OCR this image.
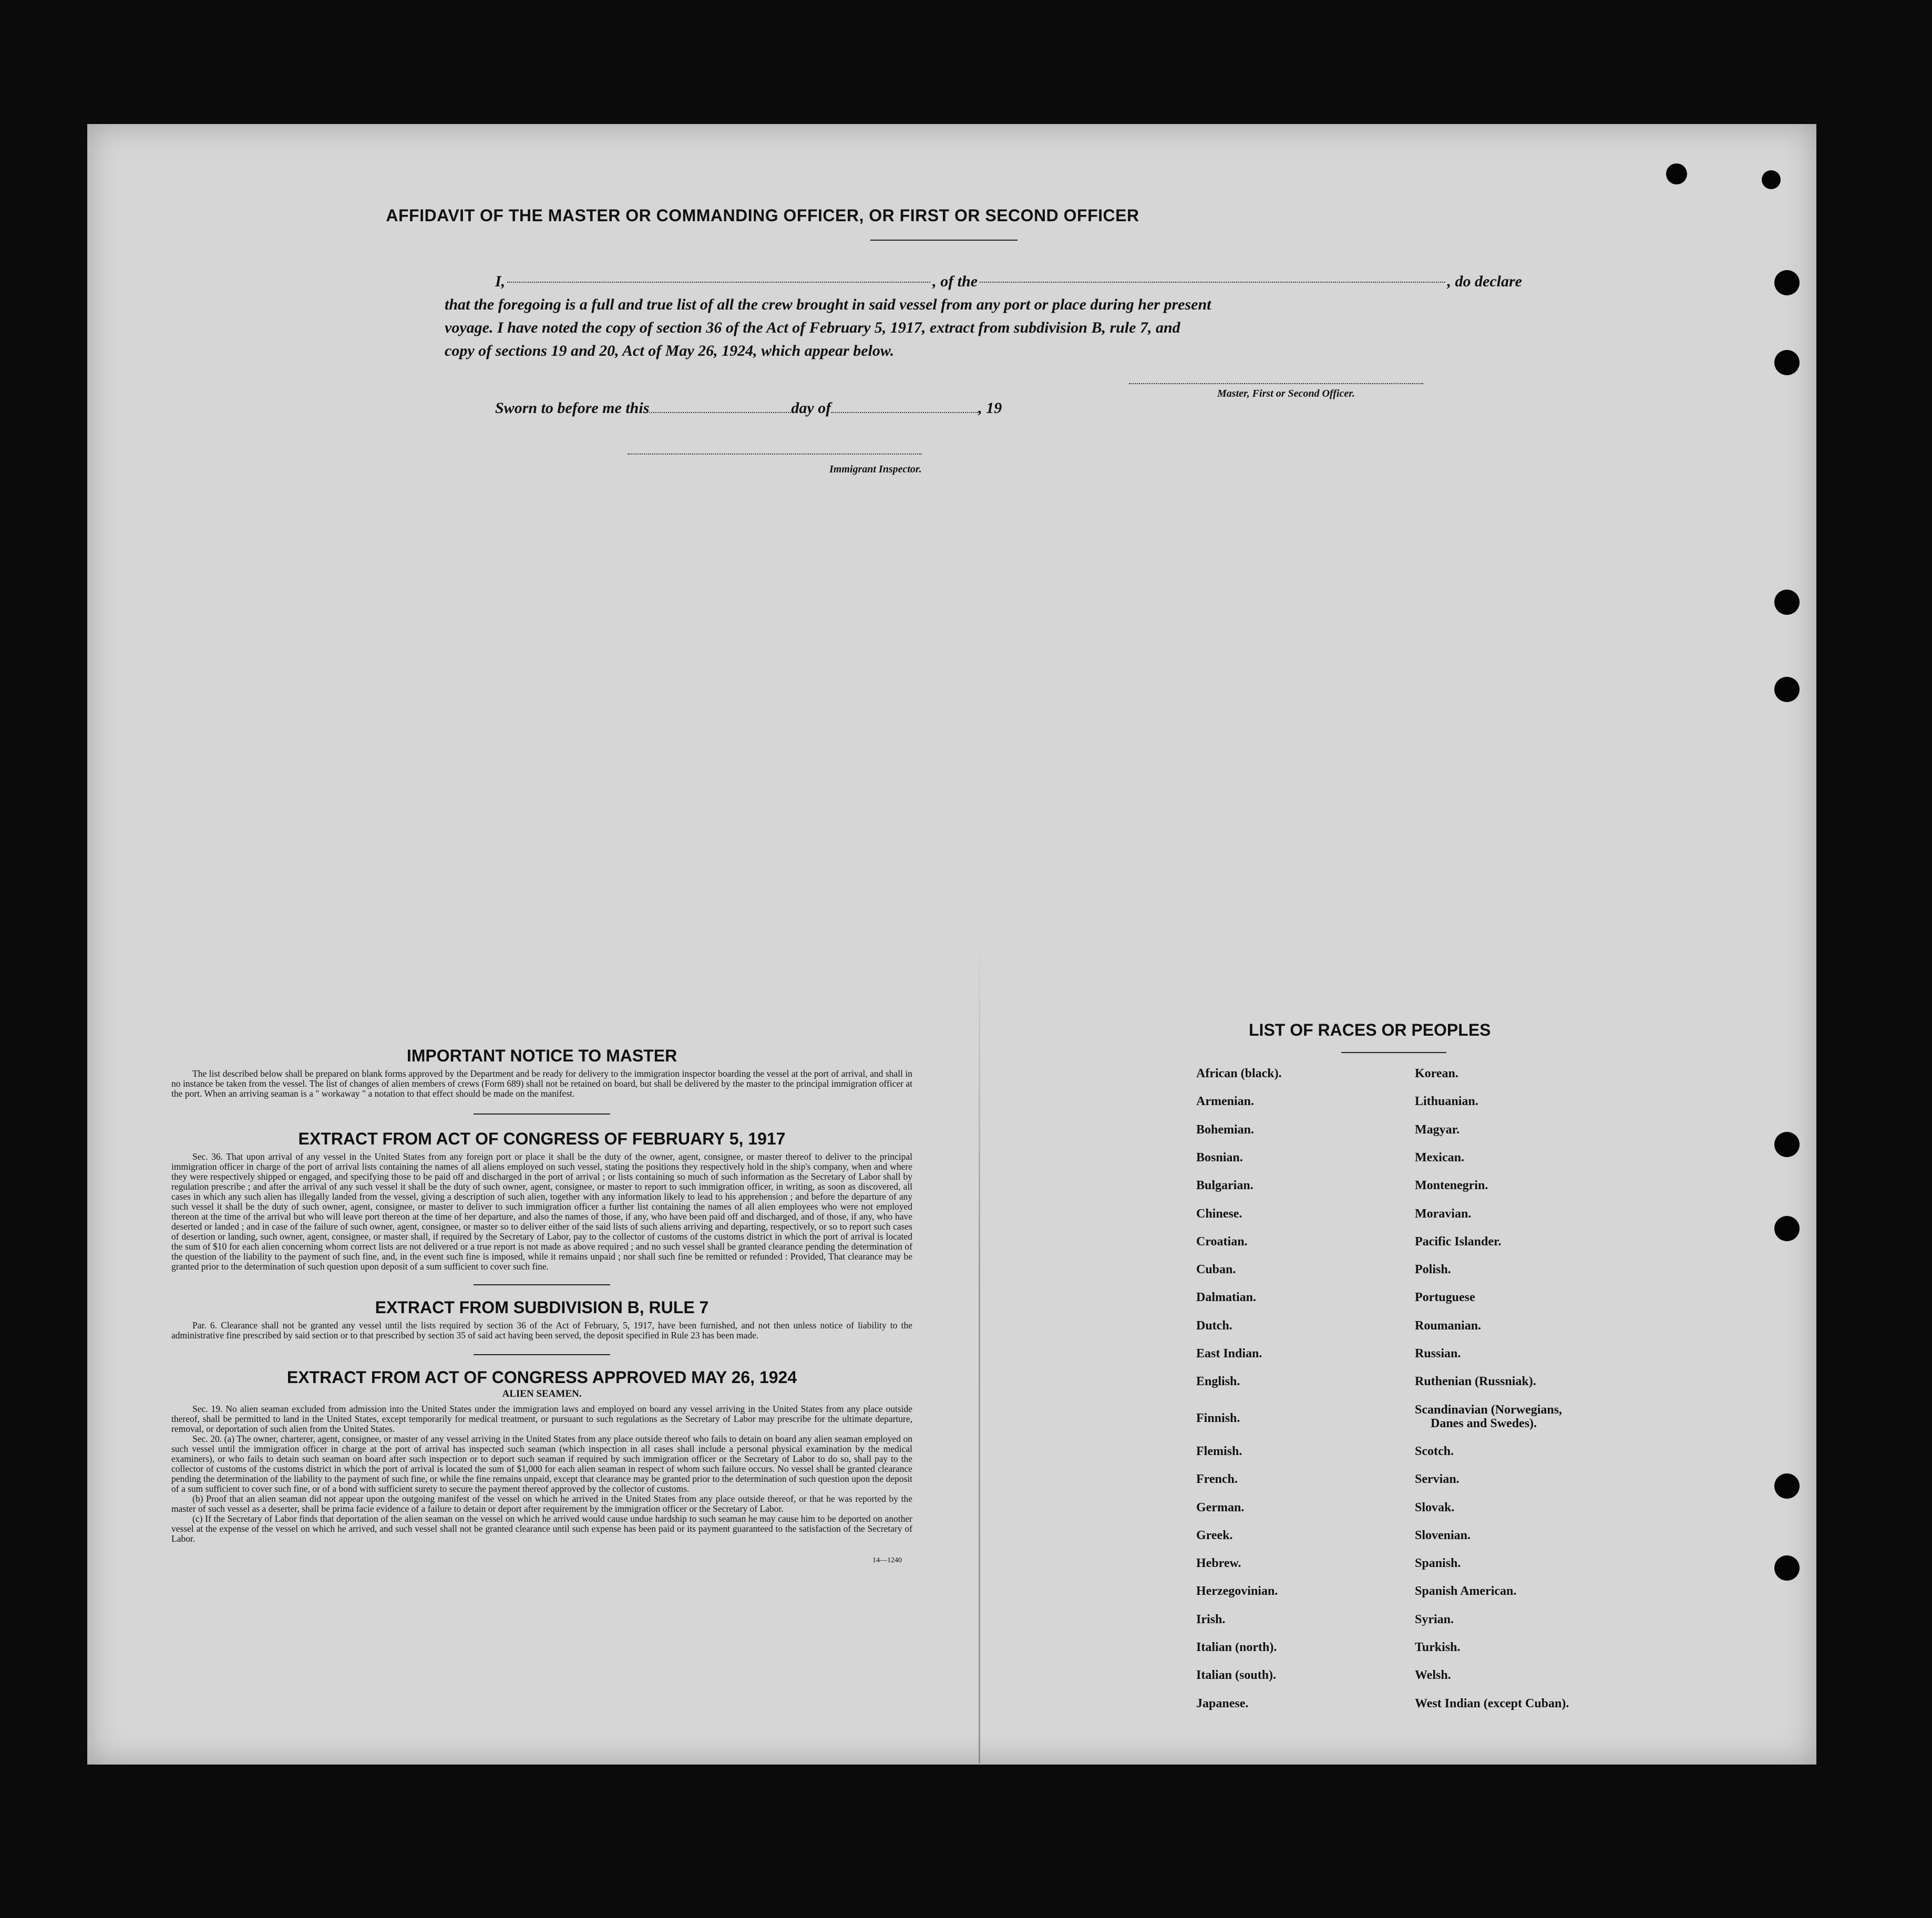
AFFIDAVIT OF THE MASTER OR COMMANDING OFFICER, OR FIRST OR SECOND OFFICER
I,	, of the	, do declare
that the foregoing is a full and true list of all the crew brought in said vessel from any port or place during her present
voyage. I have noted the copy of section 36 of the Act of February 5, 1917, extract from subdivision B, rule 7, and
copy of sections 19 and 20, Act of May 26, 1924, which appear below.
Master, First or Second Officer.
Sworn to before me this	day of	, 19
Immigrant Inspector.
IMPORTANT NOTICE TO MASTER

The list described below shall be prepared on blank forms approved by the Department and be ready for delivery to the immigration inspector boarding the vessel at the port of arrival, and shall in no instance be taken from the vessel. The list of changes of alien members of crews (Form 689) shall not be retained on board, but shall be delivered by the master to the principal immigration officer at the port. When an arriving seaman is a " workaway " a notation to that effect should be made on the manifest.

EXTRACT FROM ACT OF CONGRESS OF FEBRUARY 5, 1917

Sec. 36. That upon arrival of any vessel in the United States from any foreign port or place it shall be the duty of the owner, agent, consignee, or master thereof to deliver to the principal immigration officer in charge of the port of arrival lists containing the names of all aliens employed on such vessel, stating the positions they respectively hold in the ship's company, when and where they were respectively shipped or engaged, and specifying those to be paid off and discharged in the port of arrival ; or lists containing so much of such information as the Secretary of Labor shall by regulation prescribe ; and after the arrival of any such vessel it shall be the duty of such owner, agent, consignee, or master to report to such immigration officer, in writing, as soon as discovered, all cases in which any such alien has illegally landed from the vessel, giving a description of such alien, together with any information likely to lead to his apprehension ; and before the departure of any such vessel it shall be the duty of such owner, agent, consignee, or master to deliver to such immigration officer a further list containing the names of all alien employees who were not employed thereon at the time of the arrival but who will leave port thereon at the time of her departure, and also the names of those, if any, who have been paid off and discharged, and of those, if any, who have deserted or landed ; and in case of the failure of such owner, agent, consignee, or master so to deliver either of the said lists of such aliens arriving and departing, respectively, or so to report such cases of desertion or landing, such owner, agent, consignee, or master shall, if required by the Secretary of Labor, pay to the collector of customs of the customs district in which the port of arrival is located the sum of $10 for each alien concerning whom correct lists are not delivered or a true report is not made as above required ; and no such vessel shall be granted clearance pending the determination of the question of the liability to the payment of such fine, and, in the event such fine is imposed, while it remains unpaid ; nor shall such fine be remitted or refunded : Provided, That clearance may be granted prior to the determination of such question upon deposit of a sum sufficient to cover such fine.

EXTRACT FROM SUBDIVISION B, RULE 7

Par. 6. Clearance shall not be granted any vessel until the lists required by section 36 of the Act of February, 5, 1917, have been furnished, and not then unless notice of liability to the administrative fine prescribed by said section or to that prescribed by section 35 of said act having been served, the deposit specified in Rule 23 has been made.

EXTRACT FROM ACT OF CONGRESS APPROVED MAY 26, 1924
ALIEN SEAMEN.

Sec. 19. No alien seaman excluded from admission into the United States under the immigration laws and employed on board any vessel arriving in the United States from any place outside thereof, shall be permitted to land in the United States, except temporarily for medical treatment, or pursuant to such regulations as the Secretary of Labor may prescribe for the ultimate departure, removal, or deportation of such alien from the United States.

Sec. 20. (a) The owner, charterer, agent, consignee, or master of any vessel arriving in the United States from any place outside thereof who fails to detain on board any alien seaman employed on such vessel until the immigration officer in charge at the port of arrival has inspected such seaman (which inspection in all cases shall include a personal physical examination by the medical examiners), or who fails to detain such seaman on board after such inspection or to deport such seaman if required by such immigration officer or the Secretary of Labor to do so, shall pay to the collector of customs of the customs district in which the port of arrival is located the sum of $1,000 for each alien seaman in respect of whom such failure occurs. No vessel shall be granted clearance pending the determination of the liability to the payment of such fine, or while the fine remains unpaid, except that clearance may be granted prior to the determination of such question upon the deposit of a sum sufficient to cover such fine, or of a bond with sufficient surety to secure the payment thereof approved by the collector of customs.

(b) Proof that an alien seaman did not appear upon the outgoing manifest of the vessel on which he arrived in the United States from any place outside thereof, or that he was reported by the master of such vessel as a deserter, shall be prima facie evidence of a failure to detain or deport after requirement by the immigration officer or the Secretary of Labor.

(c) If the Secretary of Labor finds that deportation of the alien seaman on the vessel on which he arrived would cause undue hardship to such seaman he may cause him to be deported on another vessel at the expense of the vessel on which he arrived, and such vessel shall not be granted clearance until such expense has been paid or its payment guaranteed to the satisfaction of the Secretary of Labor.

14—1240
LIST OF RACES OR PEOPLES
African (black).
Armenian.
Bohemian.
Bosnian.
Bulgarian.
Chinese.
Croatian.
Cuban.
Dalmatian.
Dutch.
East Indian.
English.
Finnish.
Flemish.
French.
German.
Greek.
Hebrew.
Herzegovinian.
Irish.
Italian (north).
Italian (south).
Japanese.
Korean.
Lithuanian.
Magyar.
Mexican.
Montenegrin.
Moravian.
Pacific Islander.
Polish.
Portuguese
Roumanian.
Russian.
Ruthenian (Russniak).
Scandinavian (Norwegians,
Danes and Swedes).
Scotch.
Servian.
Slovak.
Slovenian.
Spanish.
Spanish American.
Syrian.
Turkish.
Welsh.
West Indian (except Cuban).
